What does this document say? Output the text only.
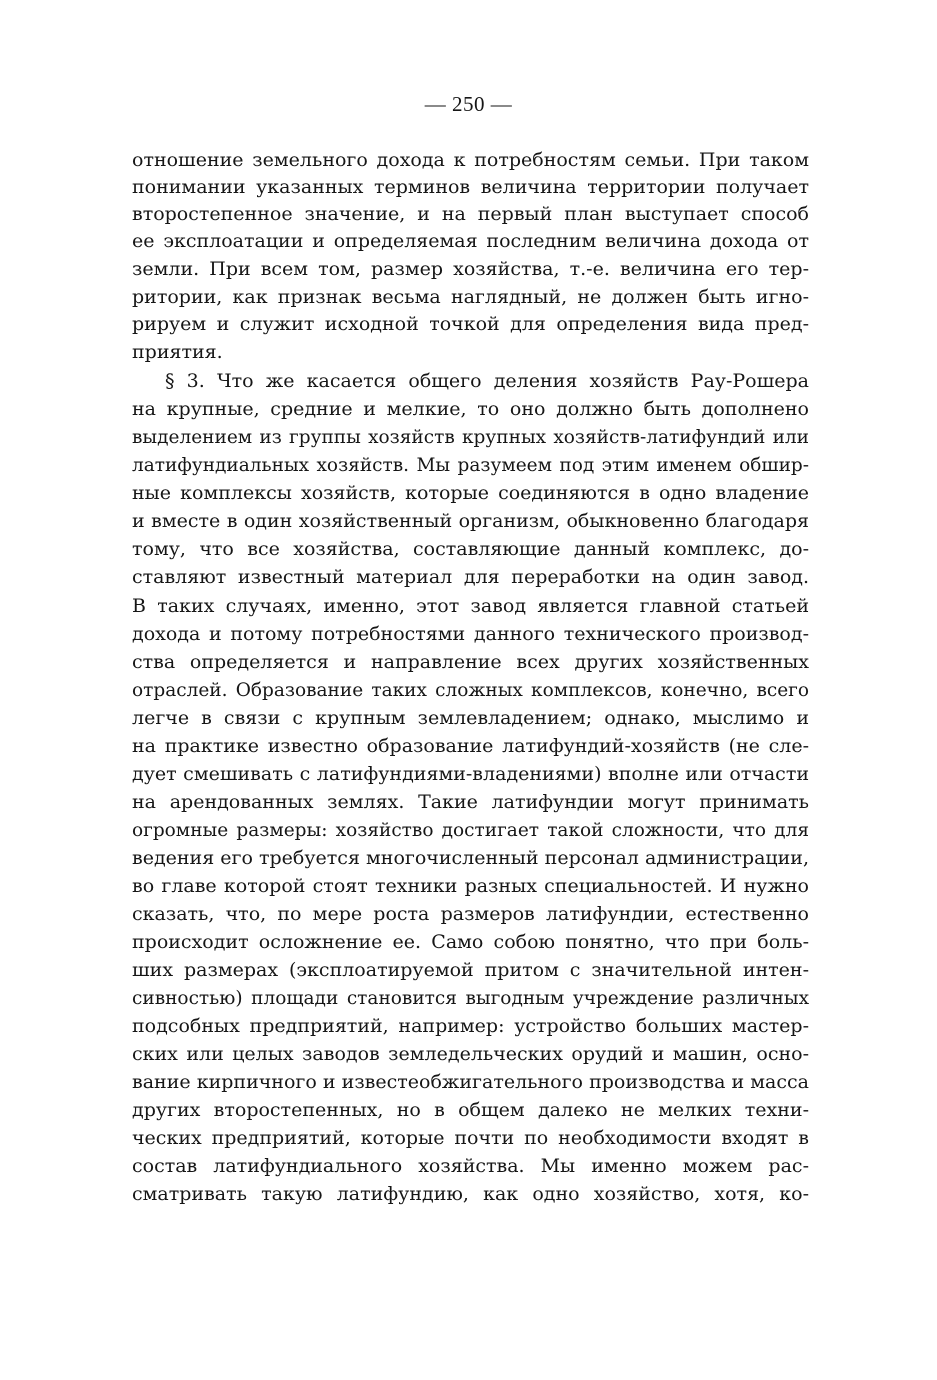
— 250 —
отношение земельного дохода к потребностям семьи. При таком
понимании указанных терминов величина территории получает
второстепенное значение, и на первый план выступает способ
ее эксплоатации и определяемая последним величина дохода от
земли. При всем том, размер хозяйства, т.-е. величина его тер-
ритории, как признак весьма наглядный, не должен быть игно-
рируем и служит исходной точкой для определения вида пред-
приятия.
§ 3. Что же касается общего деления хозяйств Рау-Рошера
на крупные, средние и мелкие, то оно должно быть дополнено
выделением из группы хозяйств крупных хозяйств-латифундий или
латифундиальных хозяйств. Мы разумеем под этим именем обшир-
ные комплексы хозяйств, которые соединяются в одно владение
и вместе в один хозяйственный организм, обыкновенно благодаря
тому, что все хозяйства, составляющие данный комплекс, до-
ставляют известный материал для переработки на один завод.
В таких случаях, именно, этот завод является главной статьей
дохода и потому потребностями данного технического производ-
ства определяется и направление всех других хозяйственных
отраслей. Образование таких сложных комплексов, конечно, всего
легче в связи с крупным землевладением; однако, мыслимо и
на практике известно образование латифундий-хозяйств (не сле-
дует смешивать с латифундиями-владениями) вполне или отчасти
на арендованных землях. Такие латифундии могут принимать
огромные размеры: хозяйство достигает такой сложности, что для
ведения его требуется многочисленный персонал администрации,
во главе которой стоят техники разных специальностей. И нужно
сказать, что, по мере роста размеров латифундии, естественно
происходит осложнение ее. Само собою понятно, что при боль-
ших размерах (эксплоатируемой притом с значительной интен-
сивностью) площади становится выгодным учреждение различных
подсобных предприятий, например: устройство больших мастер-
ских или целых заводов земледельческих орудий и машин, осно-
вание кирпичного и известеобжигательного производства и масса
других второстепенных, но в общем далеко не мелких техни-
ческих предприятий, которые почти по необходимости входят в
состав латифундиального хозяйства. Мы именно можем рас-
сматривать такую латифундию, как одно хозяйство, хотя, ко-
